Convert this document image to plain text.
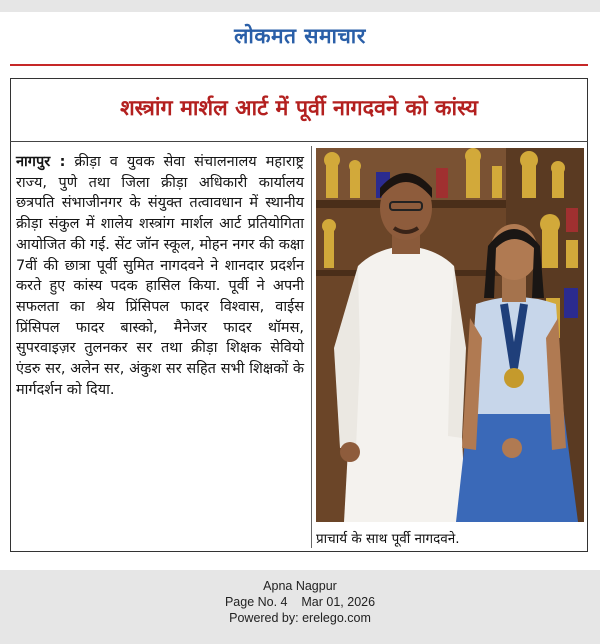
लोकमत समाचार
शस्त्रांग मार्शल आर्ट में पूर्वी नागदवने को कांस्य
नागपुर : क्रीड़ा व युवक सेवा संचालनालय महाराष्ट्र राज्य, पुणे तथा जिला क्रीड़ा अधिकारी कार्यालय छत्रपति संभाजीनगर के संयुक्त तत्वावधान में स्थानीय क्रीड़ा संकुल में शालेय शस्त्रांग मार्शल आर्ट प्रतियोगिता आयोजित की गई. सेंट जॉन स्कूल, मोहन नगर की कक्षा 7वीं की छात्रा पूर्वी सुमित नागदवने ने शानदार प्रदर्शन करते हुए कांस्य पदक हासिल किया. पूर्वी ने अपनी सफलता का श्रेय प्रिंसिपल फादर विश्वास, वाईस प्रिंसिपल फादर बास्को, मैनेजर फादर थॉमस, सुपरवाइज़र तुलनकर सर तथा क्रीड़ा शिक्षक सेवियो एंडरु सर, अलेन सर, अंकुश सर सहित सभी शिक्षकों के मार्गदर्शन को दिया.
प्राचार्य के साथ पूर्वी नागदवने.
Apna Nagpur
Page No. 4    Mar 01, 2026
Powered by: erelego.com
